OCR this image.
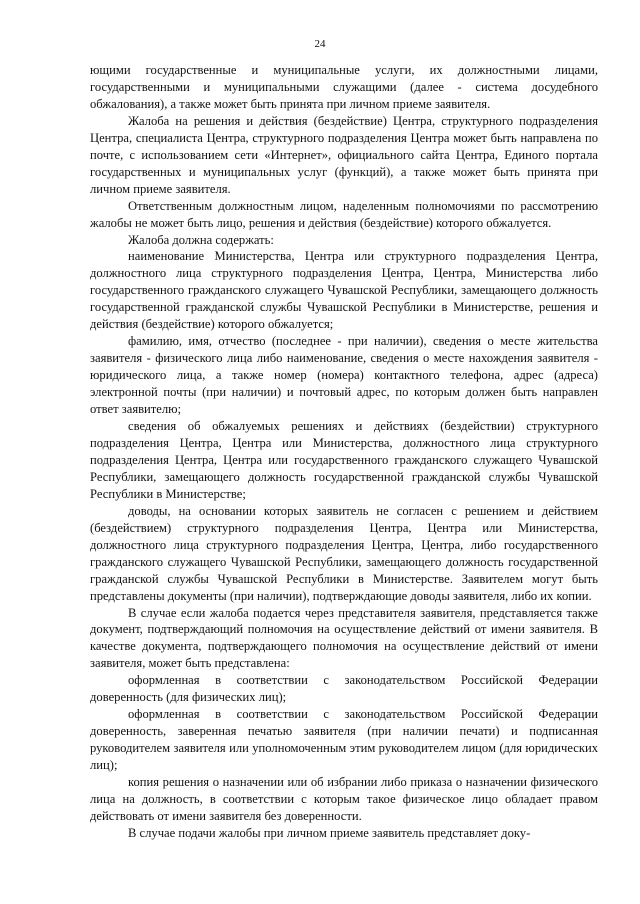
24

ющими государственные и муниципальные услуги, их должностными лицами, государственными и муниципальными служащими (далее - система досудебного обжалования), а также может быть принята при личном приеме заявителя.

Жалоба на решения и действия (бездействие) Центра, структурного подразделения Центра, специалиста Центра, структурного подразделения Центра может быть направлена по почте, с использованием сети «Интернет», официального сайта Центра, Единого портала государственных и муниципальных услуг (функций), а также может быть принята при личном приеме заявителя.

Ответственным должностным лицом, наделенным полномочиями по рассмотрению жалобы не может быть лицо, решения и действия (бездействие) которого обжалуется.

Жалоба должна содержать:

наименование Министерства, Центра или структурного подразделения Центра, должностного лица структурного подразделения Центра, Центра, Министерства либо государственного гражданского служащего Чувашской Республики, замещающего должность государственной гражданской службы Чувашской Республики в Министерстве, решения и действия (бездействие) которого обжалуется;

фамилию, имя, отчество (последнее - при наличии), сведения о месте жительства заявителя - физического лица либо наименование, сведения о месте нахождения заявителя - юридического лица, а также номер (номера) контактного телефона, адрес (адреса) электронной почты (при наличии) и почтовый адрес, по которым должен быть направлен ответ заявителю;

сведения об обжалуемых решениях и действиях (бездействии) структурного подразделения Центра, Центра или Министерства, должностного лица структурного подразделения Центра, Центра или государственного гражданского служащего Чувашской Республики, замещающего должность государственной гражданской службы Чувашской Республики в Министерстве;

доводы, на основании которых заявитель не согласен с решением и действием (бездействием) структурного подразделения Центра, Центра или Министерства, должностного лица структурного подразделения Центра, Центра, либо государственного гражданского служащего Чувашской Республики, замещающего должность государственной гражданской службы Чувашской Республики в Министерстве. Заявителем могут быть представлены документы (при наличии), подтверждающие доводы заявителя, либо их копии.

В случае если жалоба подается через представителя заявителя, представляется также документ, подтверждающий полномочия на осуществление действий от имени заявителя. В качестве документа, подтверждающего полномочия на осуществление действий от имени заявителя, может быть представлена:

оформленная в соответствии с законодательством Российской Федерации доверенность (для физических лиц);

оформленная в соответствии с законодательством Российской Федерации доверенность, заверенная печатью заявителя (при наличии печати) и подписанная руководителем заявителя или уполномоченным этим руководителем лицом (для юридических лиц);

копия решения о назначении или об избрании либо приказа о назначении физического лица на должность, в соответствии с которым такое физическое лицо обладает правом действовать от имени заявителя без доверенности.

В случае подачи жалобы при личном приеме заявитель представляет доку-
